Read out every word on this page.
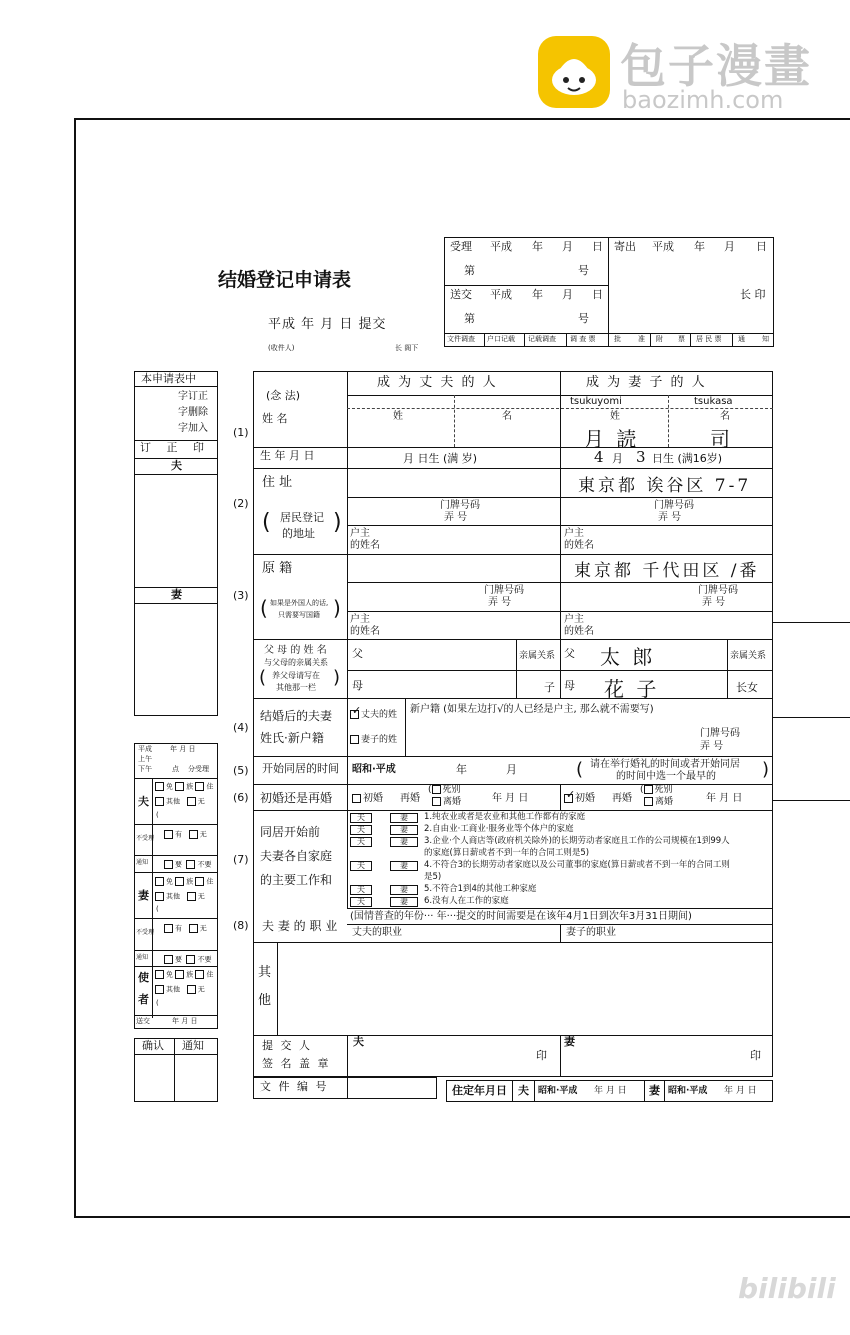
包子漫畫
baozimh.com
bilibili
结婚登记申请表
平成 年 月 日 提交
(收件人)	长 阁下
受理 平成 年 月 日
第	号
送交 平成 年 月 日
第	号
寄出 平成 年 月 日
长 印
文件调查 户口记载 记载调查 调 查 票	批 准 附 票 居 民 票 通 知
本申请表中
字订正
字删除
字加入
订 正 印
夫
妻
平成	年 月 日
上午
下午	点 分受理
夫
免 族 住
其他	无
(
不受理	有	无
通知	要 不要
妻
免 族 住
其他	无
(
不受理	有	无
通知	要 不要
使
者
免 族 住
其他	无
(
送交	年 月 日
确认 通知
(1)
(2)
(3)
(4)
(5)
(6)
(7)
(8)
成 为 丈 夫 的 人	成 为 妻 子 的 人
(念 法)
姓 名
tsukuyomi	tsukasa
姓	名	姓	名
月 読	司
生 年 月 日	月 日生 (满 岁)	4 月 3 日生 (满16岁)
住 址
居民登记
的地址
(	)
東京都 诶谷区 7-7
门牌号码
弄 号
门牌号码
弄 号
户主
的姓名
户主
的姓名
原 籍
如果是外国人的话,
只需要写国籍
(	)
東京都 千代田区 /番
门牌号码
弄 号
门牌号码
弄 号
户主
的姓名
户主
的姓名
父 母 的 姓 名
与父母的亲属关系
养父母请写在
其他那一栏
(	)
父
母
亲属关系
子
父
母
太 郎
花 子
亲属关系
长女
结婚后的夫妻
姓氏·新户籍
✓丈夫的姓
妻子的姓
新户籍 (如果左边打√的人已经是户主, 那么就不需要写)
门牌号码
弄 号
开始同居的时间 昭和·平成	年	月	( 请在举行婚礼的时间或者开始同居
的时间中选一个最早的	)
初婚还是再婚	初婚 再婚
( 死别
离婚	年 月 日
✓	初婚 再婚
( 死别
离婚	年 月 日
同居开始前
夫妻各自家庭
的主要工作和
夫	妻	1.纯农业或者是农业和其他工作都有的家庭
夫	妻	2.自由业·工商业·服务业等个体户的家庭
夫	妻	3.企业·个人商店等(政府机关除外)的长期劳动者家庭且工作的公司规模在1到99人
的家庭(算日薪或者不到一年的合同工则是5)
夫	妻	4.不符合3的长期劳动者家庭以及公司董事的家庭(算日薪或者不到一年的合同工则
是5)
夫	妻	5.不符合1到4的其他工种家庭
夫	妻	6.没有人在工作的家庭
夫 妻 的 职 业
(国情普查的年份··· 年···提交的时间需要是在该年4月1日到次年3月31日期间)
丈夫的职业	妻子的职业
其
他
提 交 人
签 名 盖 章
夫
印
妻
印
文 件 编 号	住定年月日 夫 昭和·平成 年 月 日 妻 昭和·平成 年 月 日
